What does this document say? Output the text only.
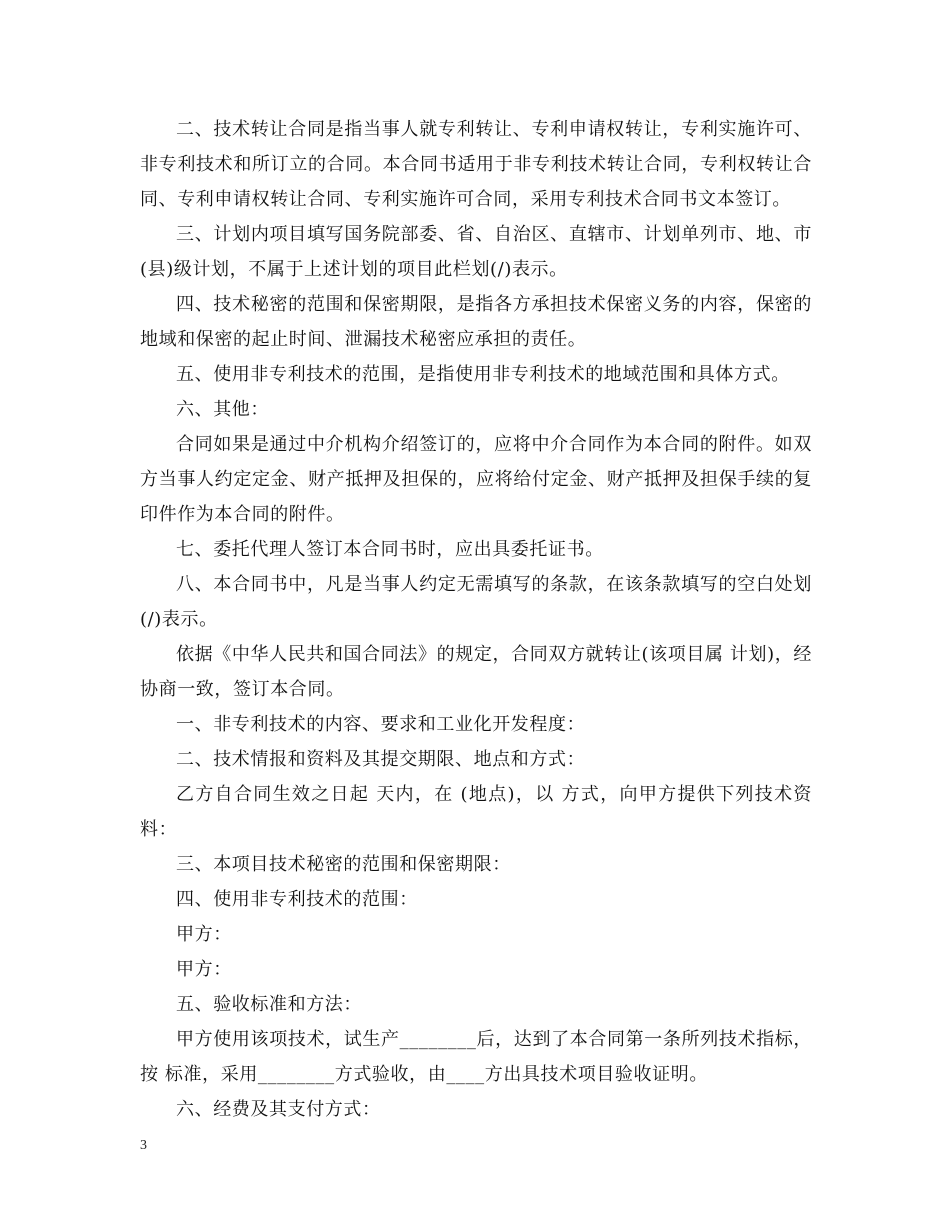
二、技术转让合同是指当事人就专利转让、专利申请权转让，专利实施许可、非专利技术和所订立的合同。本合同书适用于非专利技术转让合同，专利权转让合同、专利申请权转让合同、专利实施许可合同，采用专利技术合同书文本签订。

三、计划内项目填写国务院部委、省、自治区、直辖市、计划单列市、地、市(县)级计划，不属于上述计划的项目此栏划(/)表示。

四、技术秘密的范围和保密期限，是指各方承担技术保密义务的内容，保密的地域和保密的起止时间、泄漏技术秘密应承担的责任。

五、使用非专利技术的范围，是指使用非专利技术的地域范围和具体方式。

六、其他：

合同如果是通过中介机构介绍签订的，应将中介合同作为本合同的附件。如双方当事人约定定金、财产抵押及担保的，应将给付定金、财产抵押及担保手续的复印件作为本合同的附件。

七、委托代理人签订本合同书时，应出具委托证书。

八、本合同书中，凡是当事人约定无需填写的条款，在该条款填写的空白处划(/)表示。

依据《中华人民共和国合同法》的规定，合同双方就转让(该项目属 计划)，经协商一致，签订本合同。

一、非专利技术的内容、要求和工业化开发程度：

二、技术情报和资料及其提交期限、地点和方式：

乙方自合同生效之日起 天内，在 (地点)，以 方式，向甲方提供下列技术资料：

三、本项目技术秘密的范围和保密期限：

四、使用非专利技术的范围：

甲方：

甲方：

五、验收标准和方法：

甲方使用该项技术，试生产________后，达到了本合同第一条所列技术指标，按 标准，采用________方式验收，由____方出具技术项目验收证明。

六、经费及其支付方式：

3
